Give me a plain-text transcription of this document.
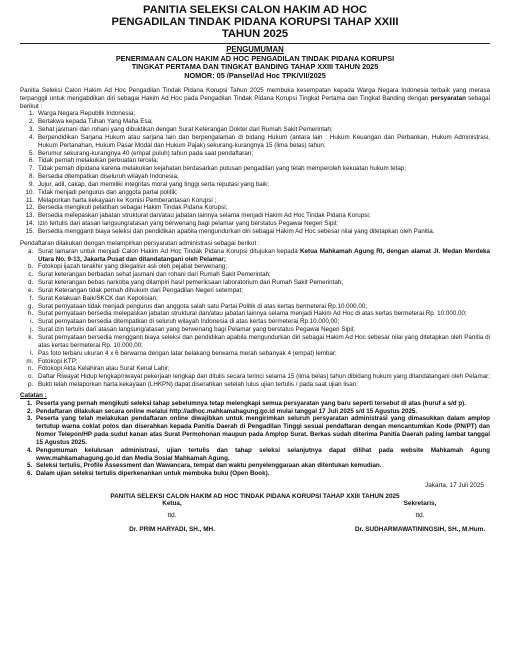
PANITIA SELEKSI CALON HAKIM AD HOC
PENGADILAN TINDAK PIDANA KORUPSI TAHAP XXIII
TAHUN 2025
PENGUMUMAN
PENERIMAAN CALON HAKIM AD HOC PENGADILAN TINDAK PIDANA KORUPSI
TINGKAT PERTAMA DAN TINGKAT BANDING TAHAP XXIII TAHUN 2025
NOMOR: 05 /Pansel/Ad Hoc TPK/VII/2025
Panitia Seleksi Calon Hakim Ad Hoc Pengadilan Tindak Pidana Korupsi Tahun 2025 membuka kesempatan kepada Warga Negara Indonesia terbaik yang merasa terpanggil untuk mengabdikan diri sebagai Hakim Ad Hoc pada Pengadilan Tindak Pidana Korupsi Tingkat Pertama dan Tingkat Banding dengan persyaratan sebagai berikut :
1. Warga Negara Republik Indonesia;
2. Bertakwa kepada Tuhan Yang Maha Esa;
3. Sehat jasmani dan rohani yang dibuktikan dengan Surat Keterangan Dokter dari Rumah Sakit Pemerintah;
4. Berpendidikan Sarjana Hukum atau sarjana lain dan berpengalaman di bidang Hukum (antara lain : Hukum Keuangan dan Perbankan, Hukum Administrasi, Hukum Pertanahan, Hukum Pasar Modal dan Hukum Pajak) sekurang-kurangnya 15 (lima belas) tahun;
5. Berumur sekurang-kurangnya 40 (empat puluh) tahun pada saat pendaftaran;
6. Tidak pernah melakukan perbuatan tercela;
7. Tidak pernah dipidana karena melakukan kejahatan berdasarkan putusan pengadilan yang telah memperoleh kekuatan hukum tetap;
8. Bersedia ditempatkan diseluruh wilayah Indonesia;
9. Jujur, adil, cakap, dan memiliki integritas moral yang tinggi serta reputasi yang baik;
10. Tidak menjadi pengurus dan anggota partai politik;
11. Melaporkan harta kekayaan ke Komisi Pemberantasan Korupsi ;
12. Bersedia mengikuti pelatihan sebagai Hakim Tindak Pidana Korupsi;
13. Bersedia melepaskan jabatan struktural dan/atau jabatan lainnya selama menjadi Hakim Ad Hoc Tindak Pidana Korupsi;
14. Izin tertulis dari atasan langsung/atasan yang berwenang bagi pelamar yang berstatus Pegawai Negeri Sipil;
15. Bersedia mengganti biaya seleksi dan pendidikan apabila mengundurkan diri sebagai Hakim Ad Hoc sebesar nilai yang ditetapkan oleh Panitia.
Pendaftaran dilakukan dengan melampirkan persyaratan administrasi sebagai berikut :
a. Surat lamaran untuk menjadi Calon Hakim Ad Hoc Tindak Pidana Korupsi ditujukan kepada Ketua Mahkamah Agung RI, dengan alamat Jl. Medan Merdeka Utara No. 9-13, Jakarta Pusat dan ditandatangani oleh Pelamar;
b. Fotokopi ijazah terakhir yang dilegalisir asli oleh pejabat berwenang;
c. Surat keterangan berbadan sehat jasmani dan rohani dari Rumah Sakit Pemerintah;
d. Surat keterangan bebas narkoba yang dilampiri hasil pemeriksaan laboratorium dari Rumah Sakit Pemerintah;
e. Surat Keterangan tidak pernah dihukum dari Pengadilan Negeri setempat;
f. Surat Kelakuan Baik/SKCK dari Kepolisian;
g. Surat pernyataan tidak menjadi pengurus dan anggota salah satu Partai Politik di atas kertas bermeterai Rp.10.000,00;
h. Surat pernyataan bersedia melepaskan jabatan struktural dan/atau jabatan lainnya selama menjadi Hakim Ad Hoc di atas kertas bermeterai Rp. 10.000,00;
i. Surat pernyataan bersedia ditempatkan di seluruh wilayah Indonesia di atas kertas bermeterai Rp.10.000,00;
j. Surat izin tertulis dari atasan langsung/atasan yang berwenang bagi Pelamar yang berstatus Pegawai Negeri Sipil;
k. Surat pernyataan bersedia mengganti biaya seleksi dan pendidikan apabila mengundurkan diri sebagai Hakim Ad Hoc sebesar nilai yang ditetapkan oleh Panitia di atas kertas bermeterai Rp. 10.000,00;
l. Pas foto terbaru ukuran 4 x 6 berwarna dengan latar belakang berwarna merah sebanyak 4 (empat) lembar;
m. Fotokopi KTP;
n. Fotokopi Akta Kelahiran atau Surat Kenal Lahir;
o. Daftar Riwayat Hidup lengkap/riwayat pekerjaan lengkap dan ditulis secara terinci selama 15 (lima belas) tahun dibidang hukum yang ditandatangani oleh Pelamar;
p. Bukti telah melaporkan harta kekayaan (LHKPN) dapat diserahkan setelah lulus ujian tertulis / pada saat ujian lisan.
Catatan :
1. Peserta yang pernah mengikuti seleksi tahap sebelumnya tetap melengkapi semua persyaratan yang baru seperti tersebut di atas (huruf a s/d p).
2. Pendaftaran dilakukan secara online melalui http://adhoc.mahkamahagung.go.id mulai tanggal 17 Juli 2025 s/d 15 Agustus 2025.
3. Peserta yang telah melakukan pendaftaran online diwajibkan untuk mengirimkan seluruh persyaratan administrasi yang dimasukkan dalam amplop tertutup warna coklat polos dan diserahkan kepada Panitia Daerah di Pengadilan Tinggi sesuai pendaftaran dengan mencantumkan Kode (PN/PT) dan Nomor Telepon/HP pada sudut kanan atas Surat Permohonan maupun pada Amplop Surat. Berkas sudah diterima Panitia Daerah paling lambat tanggal 15 Agustus 2025.
4. Pengumuman kelulusan administrasi, ujian tertulis dan tahap seleksi selanjutnya dapat dilihat pada website Mahkamah Agung www.mahkamahagung.go.id dan Media Sosial Mahkamah Agung.
5. Seleksi tertulis, Profile Assessment dan Wawancara, tempat dan waktu penyelenggaraan akan ditentukan kemudian.
6. Dalam ujian seleksi tertulis diperkenankan untuk membuka buku (Open Book).
Jakarta, 17 Juli 2025
PANITIA SELEKSI CALON HAKIM AD HOC TINDAK PIDANA KORUPSI TAHAP XXIII TAHUN 2025
Ketua,
ttd.
Dr. PRIM HARYADI, SH., MH.
Sekretaris,
ttd.
Dr. SUDHARMAWATININGSIH, SH., M.Hum.
